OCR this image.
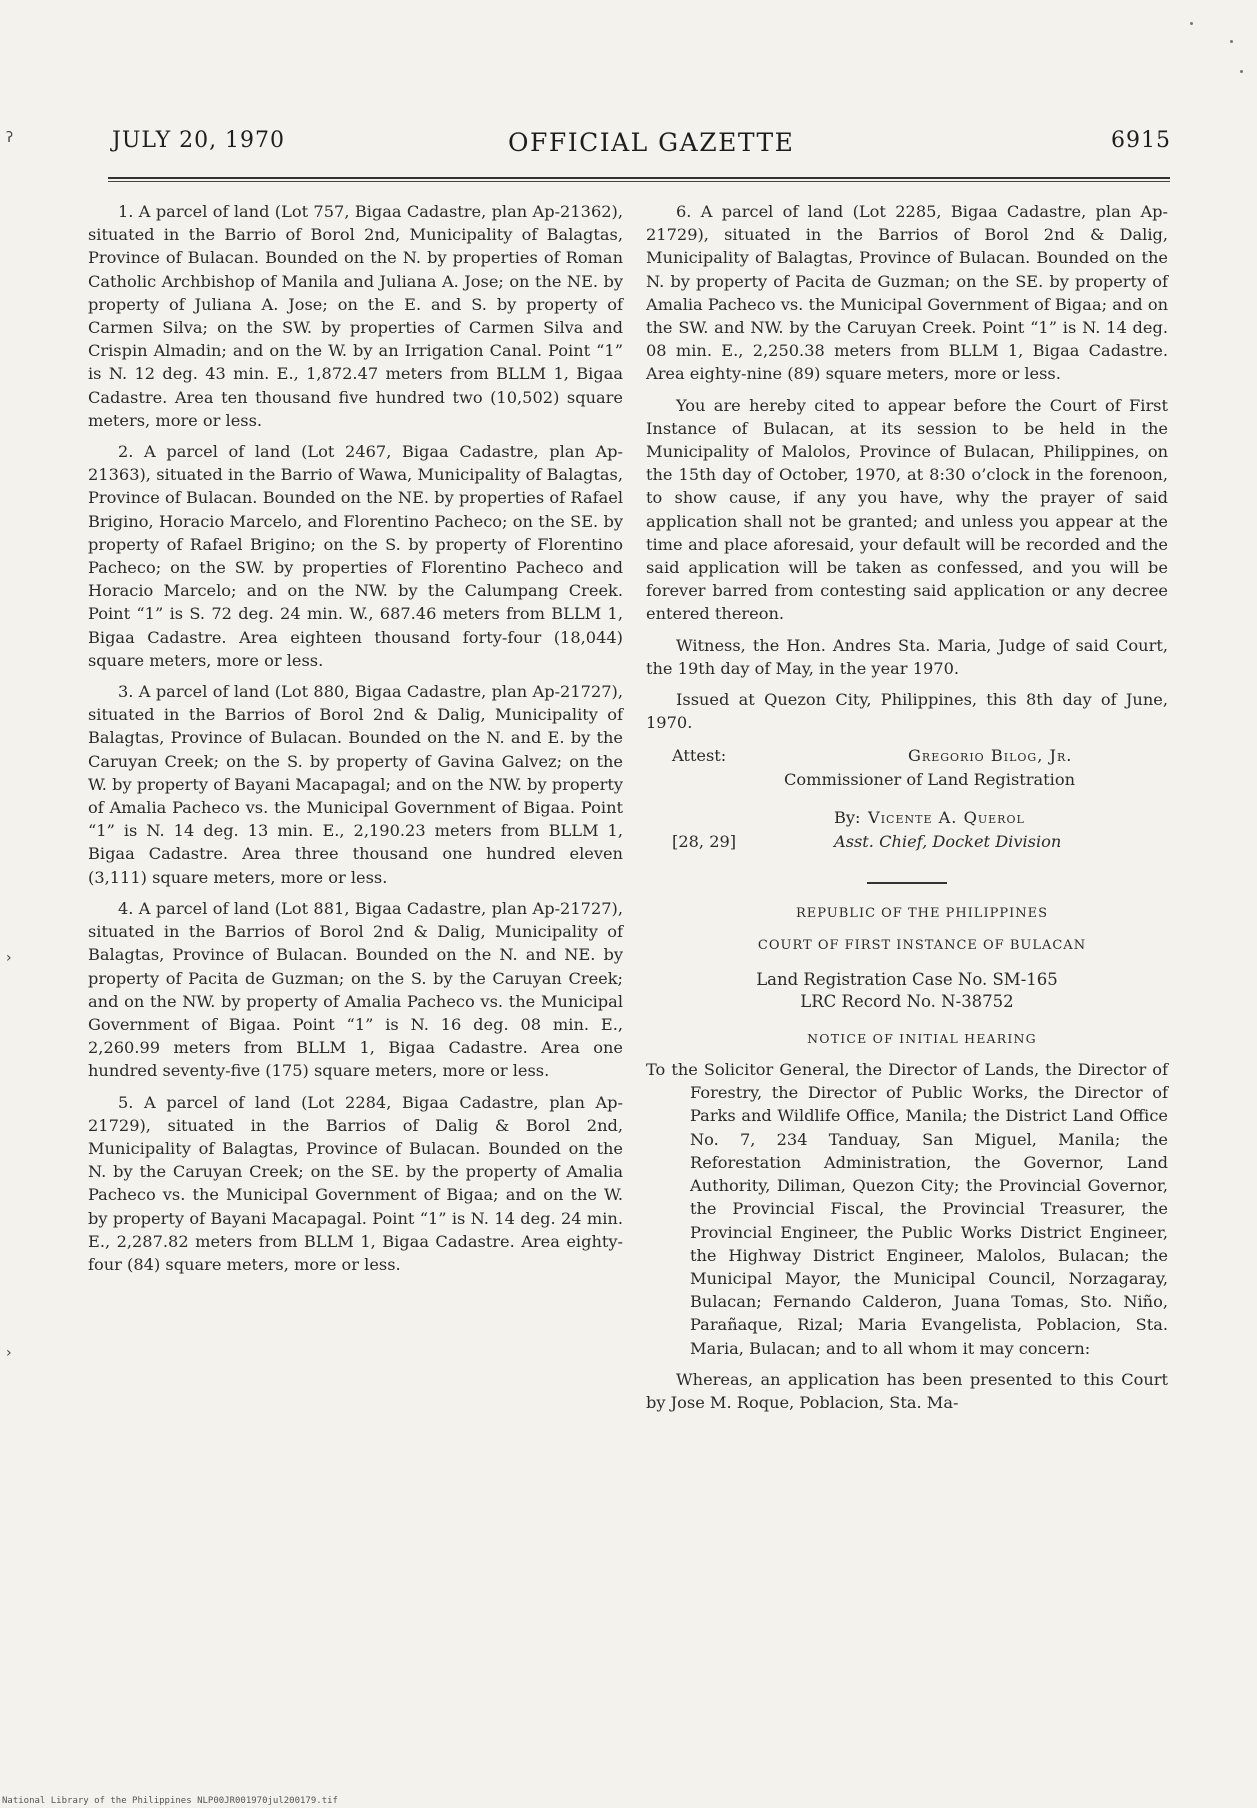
JULY 20, 1970	OFFICIAL GAZETTE	6915

1. A parcel of land (Lot 757, Bigaa Cadastre, plan Ap-21362), situated in the Barrio of Borol 2nd, Municipality of Balagtas, Province of Bulacan. Bounded on the N. by properties of Roman Catholic Archbishop of Manila and Juliana A. Jose; on the NE. by property of Juliana A. Jose; on the E. and S. by property of Carmen Silva; on the SW. by properties of Carmen Silva and Crispin Almadin; and on the W. by an Irrigation Canal. Point “1” is N. 12 deg. 43 min. E., 1,872.47 meters from BLLM 1, Bigaa Cadastre. Area ten thousand five hundred two (10,502) square meters, more or less.

2. A parcel of land (Lot 2467, Bigaa Cadastre, plan Ap-21363), situated in the Barrio of Wawa, Municipality of Balagtas, Province of Bulacan. Bounded on the NE. by properties of Rafael Brigino, Horacio Marcelo, and Florentino Pacheco; on the SE. by property of Rafael Brigino; on the S. by property of Florentino Pacheco; on the SW. by properties of Florentino Pacheco and Horacio Marcelo; and on the NW. by the Calumpang Creek. Point “1” is S. 72 deg. 24 min. W., 687.46 meters from BLLM 1, Bigaa Cadastre. Area eighteen thousand forty-four (18,044) square meters, more or less.

3. A parcel of land (Lot 880, Bigaa Cadastre, plan Ap-21727), situated in the Barrios of Borol 2nd & Dalig, Municipality of Balagtas, Province of Bulacan. Bounded on the N. and E. by the Caruyan Creek; on the S. by property of Gavina Galvez; on the W. by property of Bayani Macapagal; and on the NW. by property of Amalia Pacheco vs. the Municipal Government of Bigaa. Point “1” is N. 14 deg. 13 min. E., 2,190.23 meters from BLLM 1, Bigaa Cadastre. Area three thousand one hundred eleven (3,111) square meters, more or less.

4. A parcel of land (Lot 881, Bigaa Cadastre, plan Ap-21727), situated in the Barrios of Borol 2nd & Dalig, Municipality of Balagtas, Province of Bulacan. Bounded on the N. and NE. by property of Pacita de Guzman; on the S. by the Caruyan Creek; and on the NW. by property of Amalia Pacheco vs. the Municipal Government of Bigaa. Point “1” is N. 16 deg. 08 min. E., 2,260.99 meters from BLLM 1, Bigaa Cadastre. Area one hundred seventy-five (175) square meters, more or less.

5. A parcel of land (Lot 2284, Bigaa Cadastre, plan Ap-21729), situated in the Barrios of Dalig & Borol 2nd, Municipality of Balagtas, Province of Bulacan. Bounded on the N. by the Caruyan Creek; on the SE. by the property of Amalia Pacheco vs. the Municipal Government of Bigaa; and on the W. by property of Bayani Macapagal. Point “1” is N. 14 deg. 24 min. E., 2,287.82 meters from BLLM 1, Bigaa Cadastre. Area eighty-four (84) square meters, more or less.

6. A parcel of land (Lot 2285, Bigaa Cadastre, plan Ap-21729), situated in the Barrios of Borol 2nd & Dalig, Municipality of Balagtas, Province of Bulacan. Bounded on the N. by property of Pacita de Guzman; on the SE. by property of Amalia Pacheco vs. the Municipal Government of Bigaa; and on the SW. and NW. by the Caruyan Creek. Point “1” is N. 14 deg. 08 min. E., 2,250.38 meters from BLLM 1, Bigaa Cadastre. Area eighty-nine (89) square meters, more or less.

You are hereby cited to appear before the Court of First Instance of Bulacan, at its session to be held in the Municipality of Malolos, Province of Bulacan, Philippines, on the 15th day of October, 1970, at 8:30 o’clock in the forenoon, to show cause, if any you have, why the prayer of said application shall not be granted; and unless you appear at the time and place aforesaid, your default will be recorded and the said application will be taken as confessed, and you will be forever barred from contesting said application or any decree entered thereon.

Witness, the Hon. Andres Sta. Maria, Judge of said Court, the 19th day of May, in the year 1970.

Issued at Quezon City, Philippines, this 8th day of June, 1970.

Attest:	Gregorio Bilog, Jr.
Commissioner of Land Registration
By: Vicente A. Querol
[28, 29]	Asst. Chief, Docket Division

REPUBLIC OF THE PHILIPPINES

COURT OF FIRST INSTANCE OF BULACAN

Land Registration Case No. SM-165
LRC Record No. N-38752

NOTICE OF INITIAL HEARING

To the Solicitor General, the Director of Lands, the Director of Forestry, the Director of Public Works, the Director of Parks and Wildlife Office, Manila; the District Land Office No. 7, 234 Tanduay, San Miguel, Manila; the Reforestation Administration, the Governor, Land Authority, Diliman, Quezon City; the Provincial Governor, the Provincial Fiscal, the Provincial Treasurer, the Provincial Engineer, the Public Works District Engineer, the Highway District Engineer, Malolos, Bulacan; the Municipal Mayor, the Municipal Council, Norzagaray, Bulacan; Fernando Calderon, Juana Tomas, Sto. Niño, Parañaque, Rizal; Maria Evangelista, Poblacion, Sta. Maria, Bulacan; and to all whom it may concern:

Whereas, an application has been presented to this Court by Jose M. Roque, Poblacion, Sta. Ma-

ʔ
›
›
National Library of the Philippines NLP00JR001970jul200179.tif
